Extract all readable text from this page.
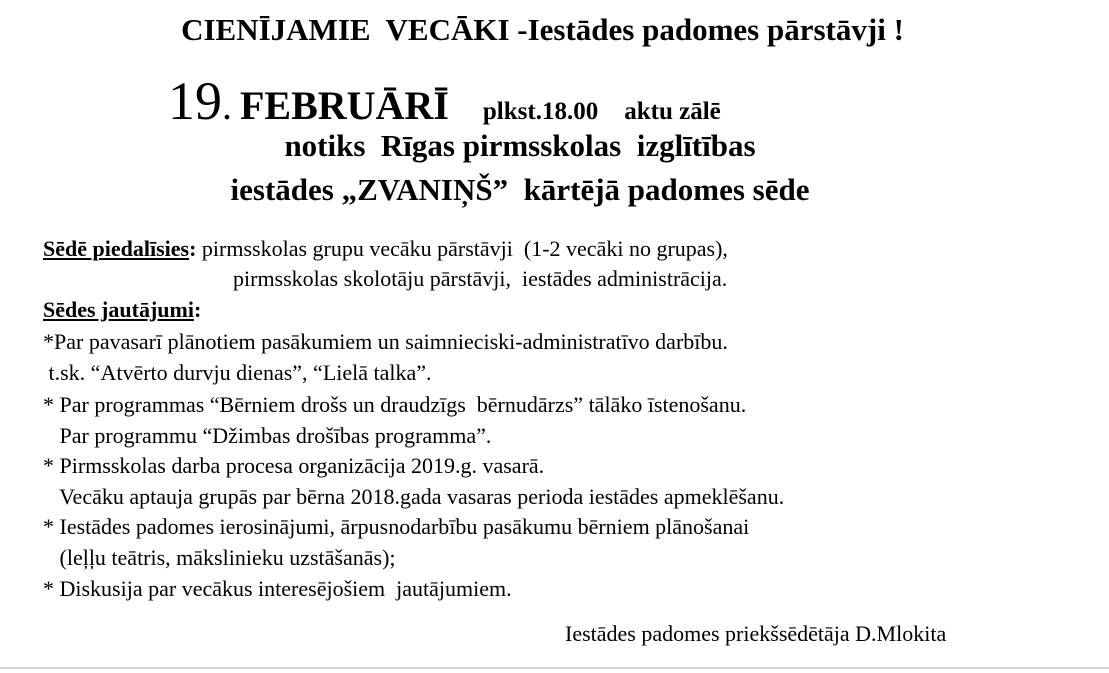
CIENĪJAMIE  VECĀKI -Iestādes padomes pārstāvji !

19. FEBRUĀRĪ plkst.18.00 aktu zālē

notiks  Rīgas pirmsskolas  izglītības
iestādes „ZVANIŅŠ”  kārtējā padomes sēde
Sēdē piedalīsies: pirmsskolas grupu vecāku pārstāvji  (1-2 vecāki no grupas),
pirmsskolas skolotāju pārstāvji,  iestādes administrācija.
Sēdes jautājumi:
*Par pavasarī plānotiem pasākumiem un saimnieciski-administratīvo darbību.
t.sk. “Atvērto durvju dienas”, “Lielā talka”.
* Par programmas “Bērniem drošs un draudzīgs  bērnudārzs” tālāko īstenošanu.
Par programmu “Džimbas drošības programma”.
* Pirmsskolas darba procesa organizācija 2019.g. vasarā.
Vecāku aptauja grupās par bērna 2018.gada vasaras perioda iestādes apmeklēšanu.
* Iestādes padomes ierosinājumi, ārpusnodarbību pasākumu bērniem plānošanai
(leļļu teātris, mākslinieku uzstāšanās);
* Diskusija par vecākus interesējošiem  jautājumiem.
Iestādes padomes priekšsēdētāja D.Mlokita
